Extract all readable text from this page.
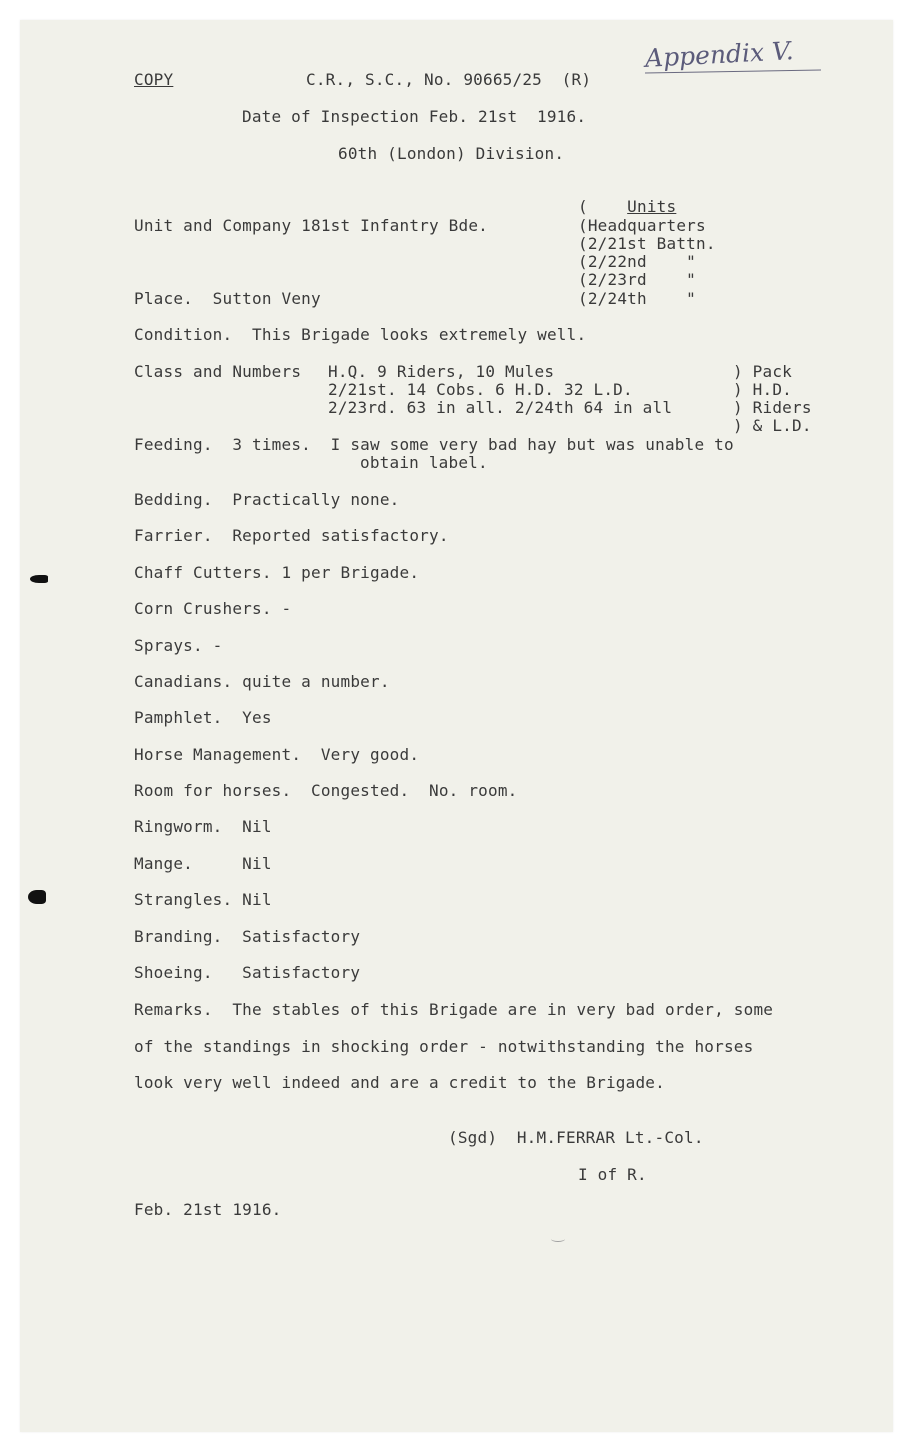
Appendix V.
COPY	C.R., S.C., No. 90665/25  (R)
Date of Inspection Feb. 21st  1916.
60th (London) Division.
(    Units
(Headquarters
(2/21st Battn.
(2/22nd    "
(2/23rd    "
(2/24th    "
Unit and Company 181st Infantry Bde.
Place.  Sutton Veny
Condition.  This Brigade looks extremely well.
Class and Numbers H.Q. 9 Riders, 10 Mules
2/21st. 14 Cobs. 6 H.D. 32 L.D.
2/23rd. 63 in all. 2/24th 64 in all
) Pack
) H.D.
) Riders
) & L.D.
Feeding.  3 times.  I saw some very bad hay but was unable to
obtain label.
Bedding.  Practically none.
Farrier.  Reported satisfactory.
Chaff Cutters. 1 per Brigade.
Corn Crushers. -
Sprays. -
Canadians. quite a number.
Pamphlet.  Yes
Horse Management.  Very good.
Room for horses.  Congested.  No. room.
Ringworm.  Nil
Mange.     Nil
Strangles. Nil
Branding.  Satisfactory
Shoeing.   Satisfactory
Remarks.  The stables of this Brigade are in very bad order, some
of the standings in shocking order - notwithstanding the horses
look very well indeed and are a credit to the Brigade.
(Sgd)  H.M.FERRAR Lt.-Col.
I of R.
Feb. 21st 1916.
